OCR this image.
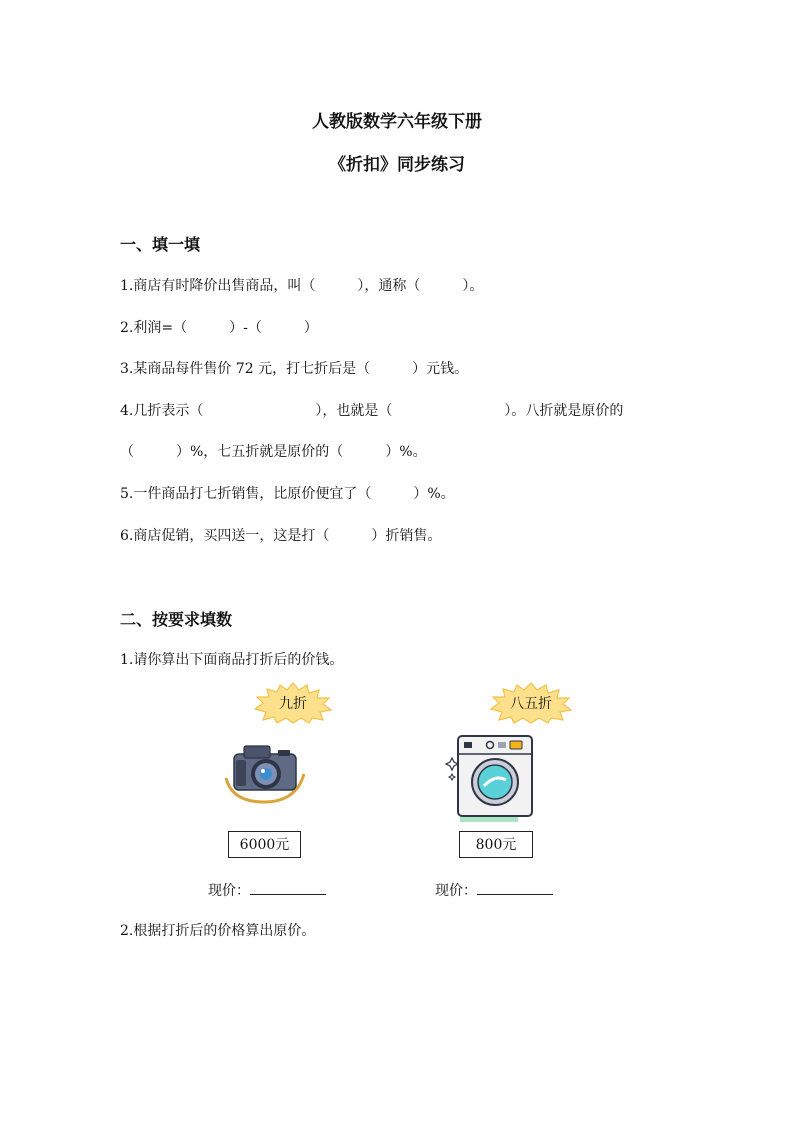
人教版数学六年级下册
《折扣》同步练习
一、填一填
1.商店有时降价出售商品，叫（	），通称（	）。
2.利润=（	）-（	）
3.某商品每件售价 72 元，打七折后是（	）元钱。
4.几折表示（	），也就是（	）。八折就是原价的
（	）%，七五折就是原价的（	）%。
5.一件商品打七折销售，比原价便宜了（	）%。
6.商店促销，买四送一，这是打（	）折销售。
二、按要求填数
1.请你算出下面商品打折后的价钱。
九折
6000元
现价：
八五折
800元
现价：
2.根据打折后的价格算出原价。
